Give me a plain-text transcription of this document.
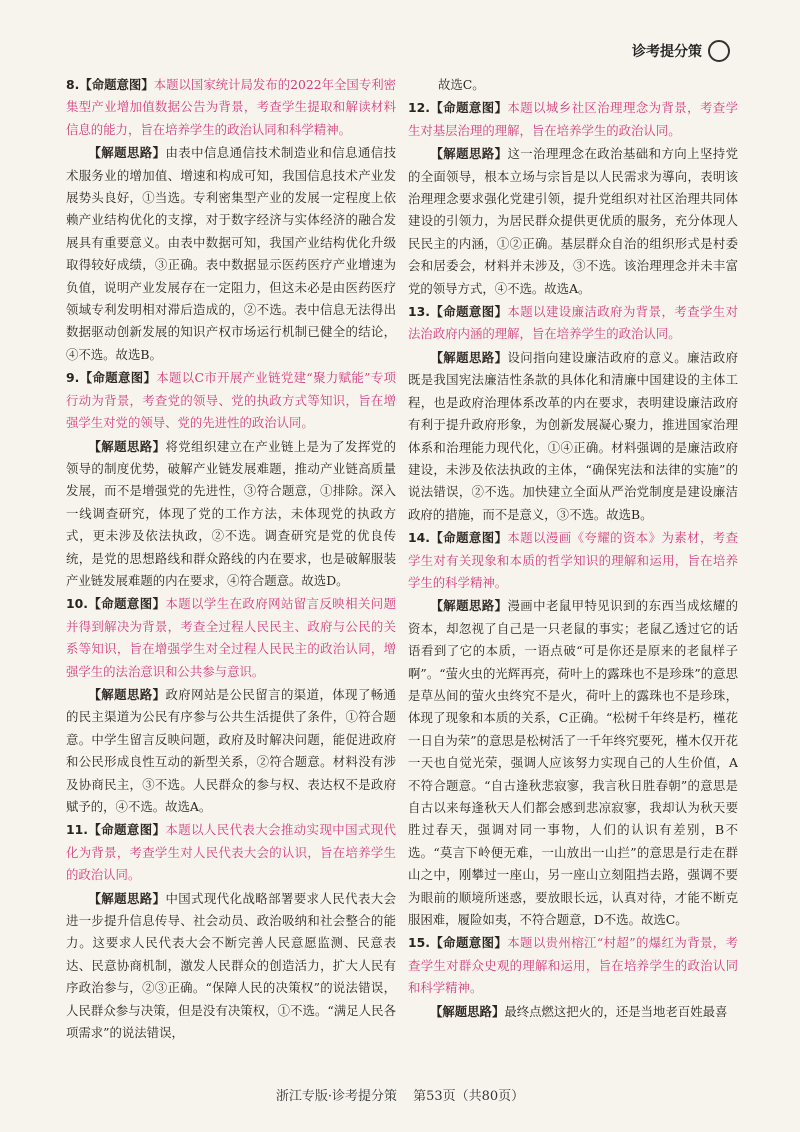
诊考提分策

8.【命题意图】本题以国家统计局发布的2022年全国专利密集型产业增加值数据公告为背景，考查学生提取和解读材料信息的能力，旨在培养学生的政治认同和科学精神。

【解题思路】由表中信息通信技术制造业和信息通信技术服务业的增加值、增速和构成可知，我国信息技术产业发展势头良好，①当选。专利密集型产业的发展一定程度上依赖产业结构优化的支撑，对于数字经济与实体经济的融合发展具有重要意义。由表中数据可知，我国产业结构优化升级取得较好成绩，③正确。表中数据显示医药医疗产业增速为负值，说明产业发展存在一定阻力，但这未必是由医药医疗领域专利发明相对滞后造成的，②不选。表中信息无法得出数据驱动创新发展的知识产权市场运行机制已健全的结论，④不选。故选B。

9.【命题意图】本题以C市开展产业链党建“聚力赋能”专项行动为背景，考查党的领导、党的执政方式等知识，旨在增强学生对党的领导、党的先进性的政治认同。

【解题思路】将党组织建立在产业链上是为了发挥党的领导的制度优势，破解产业链发展难题，推动产业链高质量发展，而不是增强党的先进性，③符合题意，①排除。深入一线调查研究，体现了党的工作方法，未体现党的执政方式，更未涉及依法执政，②不选。调查研究是党的优良传统，是党的思想路线和群众路线的内在要求，也是破解服装产业链发展难题的内在要求，④符合题意。故选D。

10.【命题意图】本题以学生在政府网站留言反映相关问题并得到解决为背景，考查全过程人民民主、政府与公民的关系等知识，旨在增强学生对全过程人民民主的政治认同，增强学生的法治意识和公共参与意识。

【解题思路】政府网站是公民留言的渠道，体现了畅通的民主渠道为公民有序参与公共生活提供了条件，①符合题意。中学生留言反映问题，政府及时解决问题，能促进政府和公民形成良性互动的新型关系，②符合题意。材料没有涉及协商民主，③不选。人民群众的参与权、表达权不是政府赋予的，④不选。故选A。

11.【命题意图】本题以人民代表大会推动实现中国式现代化为背景，考查学生对人民代表大会的认识，旨在培养学生的政治认同。

【解题思路】中国式现代化战略部署要求人民代表大会进一步提升信息传导、社会动员、政治吸纳和社会整合的能力。这要求人民代表大会不断完善人民意愿监测、民意表达、民意协商机制，激发人民群众的创造活力，扩大人民有序政治参与，②③正确。“保障人民的决策权”的说法错误，人民群众参与决策，但是没有决策权，①不选。“满足人民各项需求”的说法错误，

故选C。

12.【命题意图】本题以城乡社区治理理念为背景，考查学生对基层治理的理解，旨在培养学生的政治认同。

【解题思路】这一治理理念在政治基础和方向上坚持党的全面领导，根本立场与宗旨是以人民需求为導向，表明该治理理念要求强化党建引领，提升党组织对社区治理共同体建设的引领力，为居民群众提供更优质的服务，充分体现人民民主的内涵，①②正确。基层群众自治的组织形式是村委会和居委会，材料并未涉及，③不选。该治理理念并未丰富党的领导方式，④不选。故选A。

13.【命题意图】本题以建设廉洁政府为背景，考查学生对法治政府内涵的理解，旨在培养学生的政治认同。

【解题思路】设问指向建设廉洁政府的意义。廉洁政府既是我国宪法廉洁性条款的具体化和清廉中国建设的主体工程，也是政府治理体系改革的内在要求，表明建设廉洁政府有利于提升政府形象，为创新发展凝心聚力，推进国家治理体系和治理能力现代化，①④正确。材料强调的是廉洁政府建设，未涉及依法执政的主体，“确保宪法和法律的实施”的说法错误，②不选。加快建立全面从严治党制度是建设廉洁政府的措施，而不是意义，③不选。故选B。

14.【命题意图】本题以漫画《夸耀的资本》为素材，考查学生对有关现象和本质的哲学知识的理解和运用，旨在培养学生的科学精神。

【解题思路】漫画中老鼠甲特见识到的东西当成炫耀的资本，却忽视了自己是一只老鼠的事实；老鼠乙透过它的话语看到了它的本质，一语点破“可是你还是原来的老鼠样子啊”。“萤火虫的光辉再亮，荷叶上的露珠也不是珍珠”的意思是草丛间的萤火虫终究不是火，荷叶上的露珠也不是珍珠，体现了现象和本质的关系，C正确。“松树千年终是朽，槿花一日自为荣”的意思是松树活了一千年终究要死，槿木仅开花一天也自觉光荣，强调人应该努力实现自己的人生价值，A不符合题意。“自古逢秋悲寂寥，我言秋日胜春朝”的意思是自古以来每逢秋天人们都会感到悲凉寂寥，我却认为秋天要胜过春天，强调对同一事物，人们的认识有差别，B不选。“莫言下岭便无难，一山放出一山拦”的意思是行走在群山之中，刚攀过一座山，另一座山立刻阻挡去路，强调不要为眼前的顺境所迷惑，要放眼长远，认真对待，才能不断克服困难，履险如夷，不符合题意，D不选。故选C。

15.【命题意图】本题以贵州榕江“村超”的爆红为背景，考查学生对群众史观的理解和运用，旨在培养学生的政治认同和科学精神。

【解题思路】最终点燃这把火的，还是当地老百姓最喜

浙江专版·诊考提分策 第53页（共80页）
